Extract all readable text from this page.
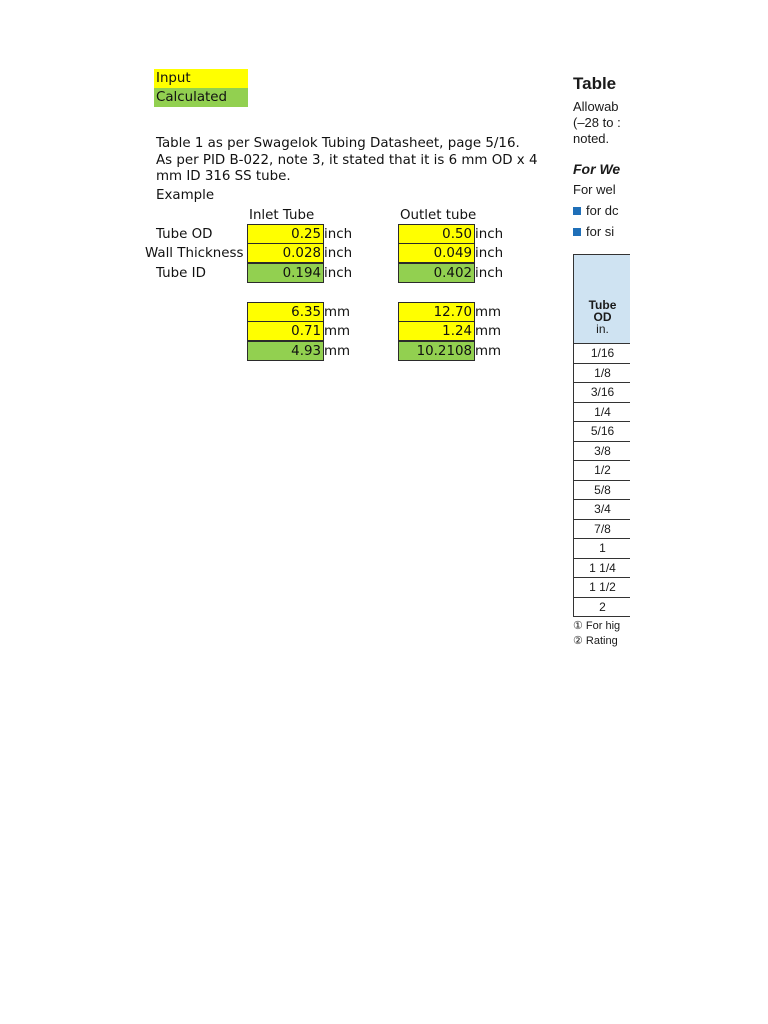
Input
Calculated
Table 1 as per Swagelok Tubing Datasheet, page 5/16.
As per PID B-022, note 3, it stated that it is 6 mm OD x 4
mm ID 316 SS tube.
Example
Inlet Tube	Outlet tube
Tube OD
Wall Thickness
Tube ID
0.25
0.028
0.194
inch
inch
inch
0.50
0.049
0.402
inch
inch
inch
6.35
0.71
4.93
mm
mm
mm
12.70
1.24
10.2108
mm
mm
mm
Table
Allowab
(–28 to :
noted.
For We
For wel
for dc
for si
Tube
OD
in.
1/16
1/8
3/16
1/4
5/16
3/8
1/2
5/8
3/4
7/8
1
1 1/4
1 1/2
2
① For hig
② Rating
